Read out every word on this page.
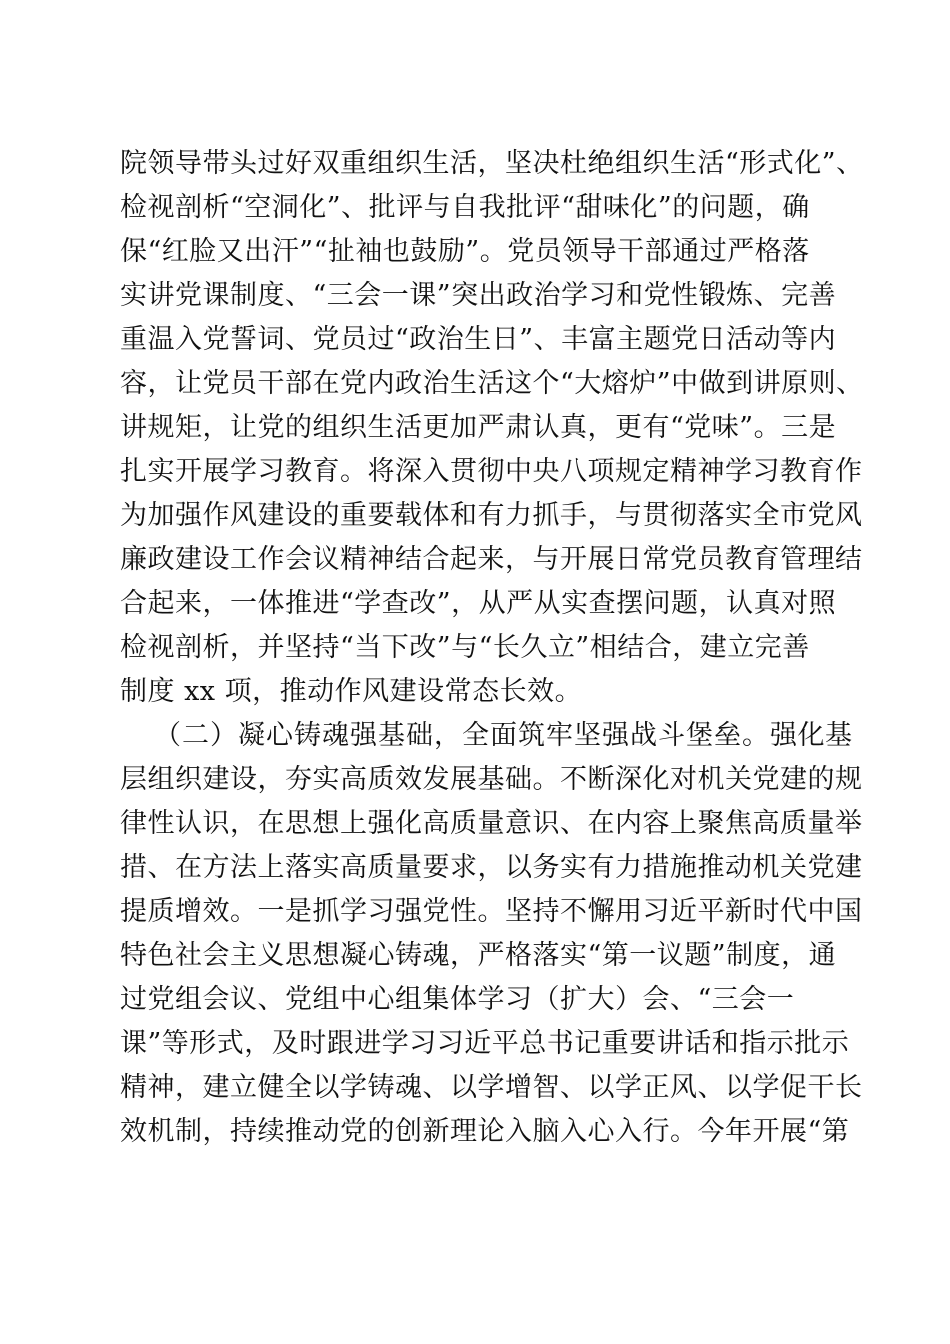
院领导带头过好双重组织生活，坚决杜绝组织生活“形式化”、
检视剖析“空洞化”、批评与自我批评“甜味化”的问题，确
保“红脸又出汗”“扯袖也鼓励”。党员领导干部通过严格落
实讲党课制度、“三会一课”突出政治学习和党性锻炼、完善
重温入党誓词、党员过“政治生日”、丰富主题党日活动等内
容，让党员干部在党内政治生活这个“大熔炉”中做到讲原则、
讲规矩，让党的组织生活更加严肃认真，更有“党味”。三是
扎实开展学习教育。将深入贯彻中央八项规定精神学习教育作
为加强作风建设的重要载体和有力抓手，与贯彻落实全市党风
廉政建设工作会议精神结合起来，与开展日常党员教育管理结
合起来，一体推进“学查改”，从严从实查摆问题，认真对照
检视剖析，并坚持“当下改”与“长久立”相结合，建立完善
制度 xx 项，推动作风建设常态长效。
（二）凝心铸魂强基础，全面筑牢坚强战斗堡垒。强化基
层组织建设，夯实高质效发展基础。不断深化对机关党建的规
律性认识，在思想上强化高质量意识、在内容上聚焦高质量举
措、在方法上落实高质量要求，以务实有力措施推动机关党建
提质增效。一是抓学习强党性。坚持不懈用习近平新时代中国
特色社会主义思想凝心铸魂，严格落实“第一议题”制度，通
过党组会议、党组中心组集体学习（扩大）会、“三会一
课”等形式，及时跟进学习习近平总书记重要讲话和指示批示
精神，建立健全以学铸魂、以学增智、以学正风、以学促干长
效机制，持续推动党的创新理论入脑入心入行。今年开展“第
